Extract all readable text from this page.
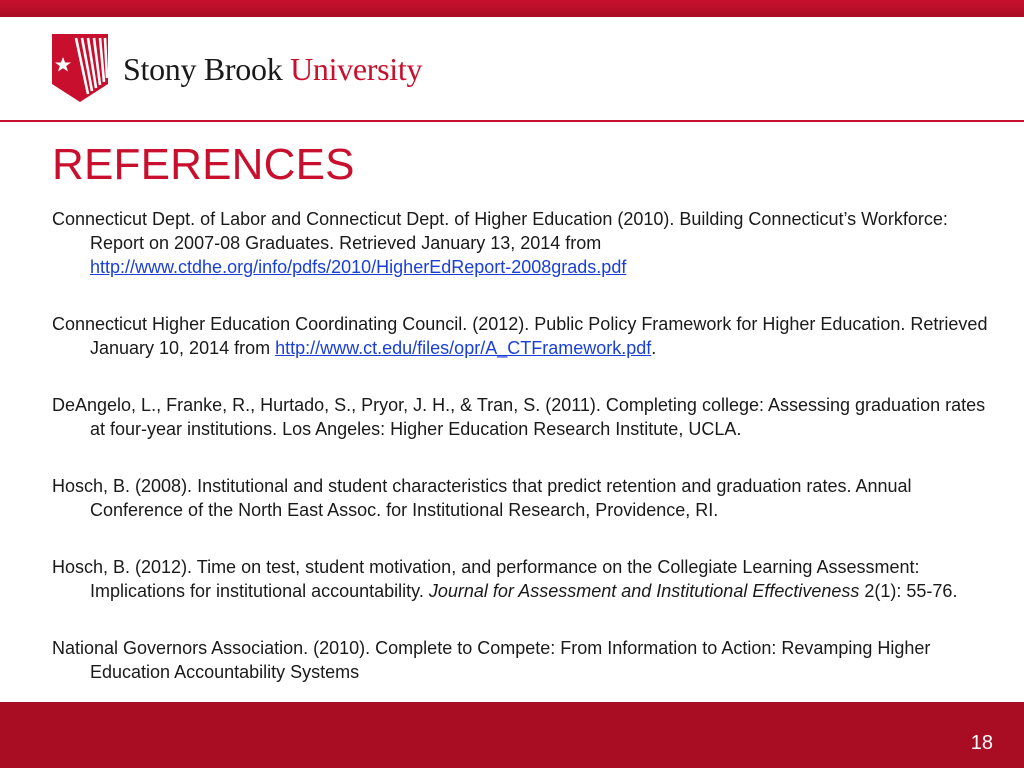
Stony Brook University
REFERENCES

Connecticut Dept. of Labor and Connecticut Dept. of Higher Education (2010). Building Connecticut’s Workforce: Report on 2007-08 Graduates. Retrieved January 13, 2014 from http://www.ctdhe.org/info/pdfs/2010/HigherEdReport-2008grads.pdf

Connecticut Higher Education Coordinating Council. (2012). Public Policy Framework for Higher Education. Retrieved January 10, 2014 from http://www.ct.edu/files/opr/A_CTFramework.pdf.

DeAngelo, L., Franke, R., Hurtado, S., Pryor, J. H., & Tran, S. (2011). Completing college: Assessing graduation rates at four-year institutions. Los Angeles: Higher Education Research Institute, UCLA.

Hosch, B. (2008). Institutional and student characteristics that predict retention and graduation rates. Annual Conference of the North East Assoc. for Institutional Research, Providence, RI.

Hosch, B. (2012). Time on test, student motivation, and performance on the Collegiate Learning Assessment: Implications for institutional accountability. Journal for Assessment and Institutional Effectiveness 2(1): 55-76.

National Governors Association. (2010). Complete to Compete: From Information to Action: Revamping Higher Education Accountability Systems

18
